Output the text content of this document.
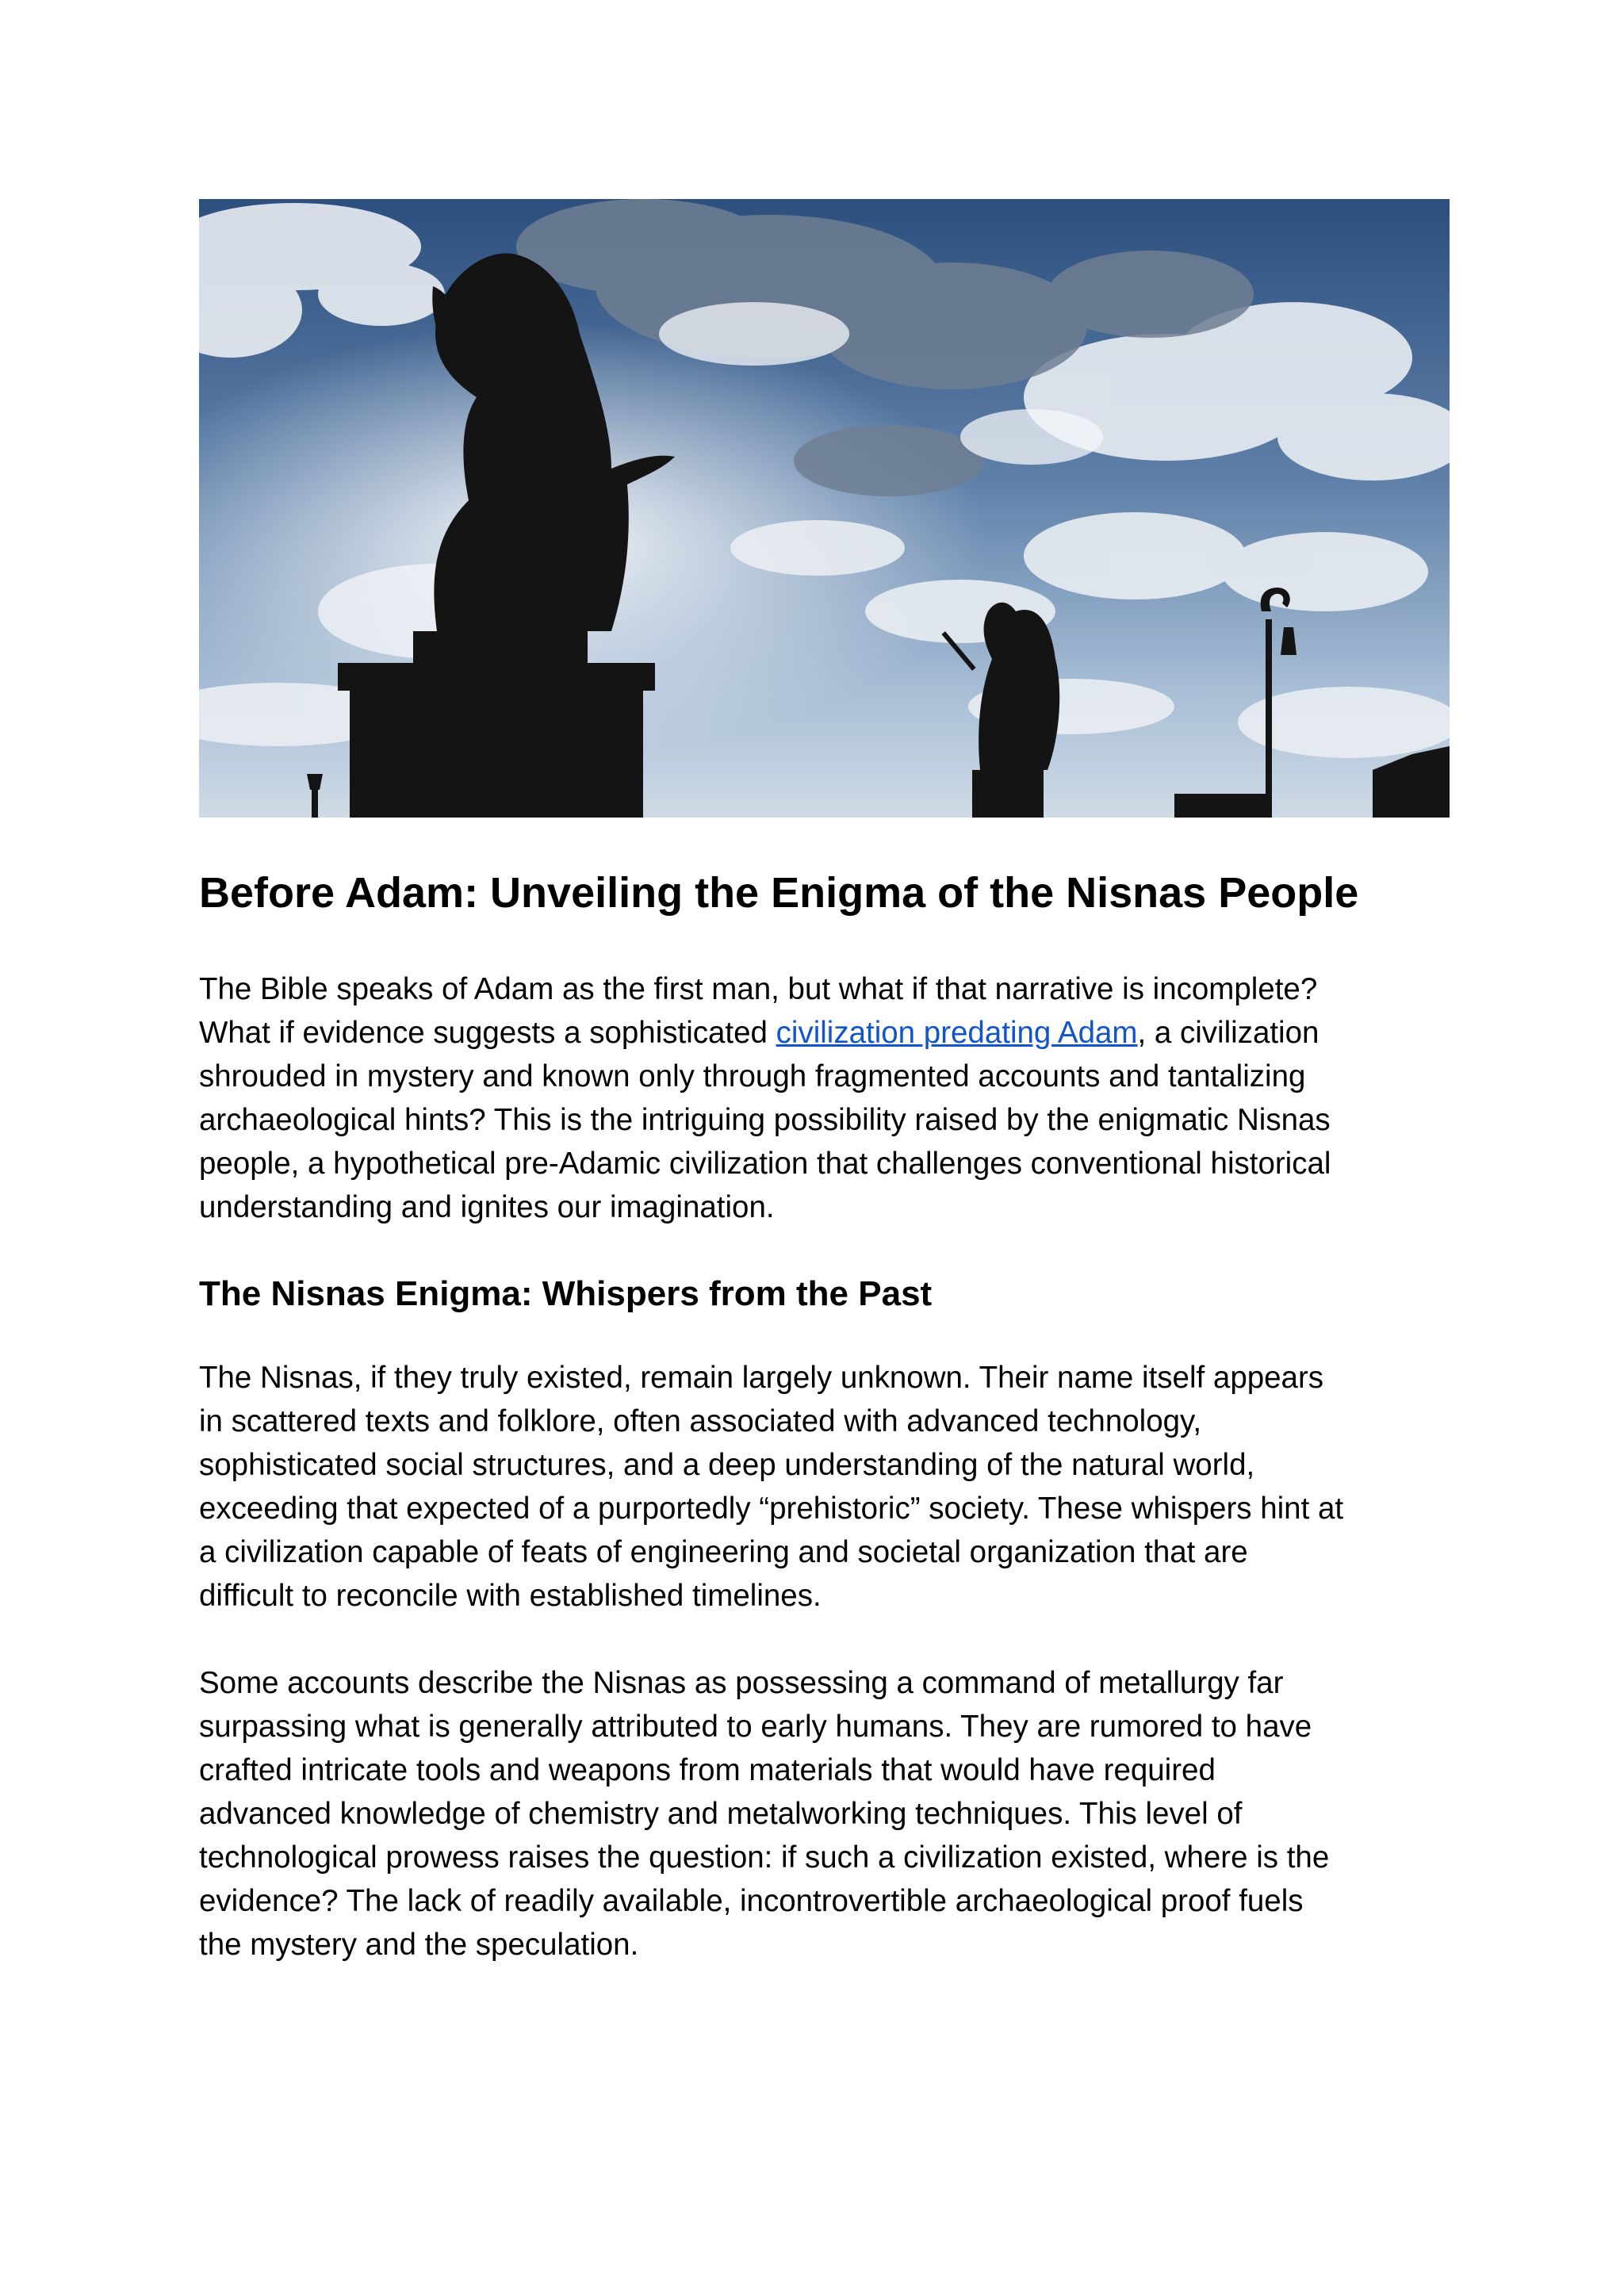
Before Adam: Unveiling the Enigma of the Nisnas People

The Bible speaks of Adam as the first man, but what if that narrative is incomplete?
What if evidence suggests a sophisticated civilization predating Adam, a civilization
shrouded in mystery and known only through fragmented accounts and tantalizing
archaeological hints? This is the intriguing possibility raised by the enigmatic Nisnas
people, a hypothetical pre-Adamic civilization that challenges conventional historical
understanding and ignites our imagination.

The Nisnas Enigma: Whispers from the Past

The Nisnas, if they truly existed, remain largely unknown. Their name itself appears
in scattered texts and folklore, often associated with advanced technology,
sophisticated social structures, and a deep understanding of the natural world,
exceeding that expected of a purportedly “prehistoric” society. These whispers hint at
a civilization capable of feats of engineering and societal organization that are
difficult to reconcile with established timelines.

Some accounts describe the Nisnas as possessing a command of metallurgy far
surpassing what is generally attributed to early humans. They are rumored to have
crafted intricate tools and weapons from materials that would have required
advanced knowledge of chemistry and metalworking techniques. This level of
technological prowess raises the question: if such a civilization existed, where is the
evidence? The lack of readily available, incontrovertible archaeological proof fuels
the mystery and the speculation.
